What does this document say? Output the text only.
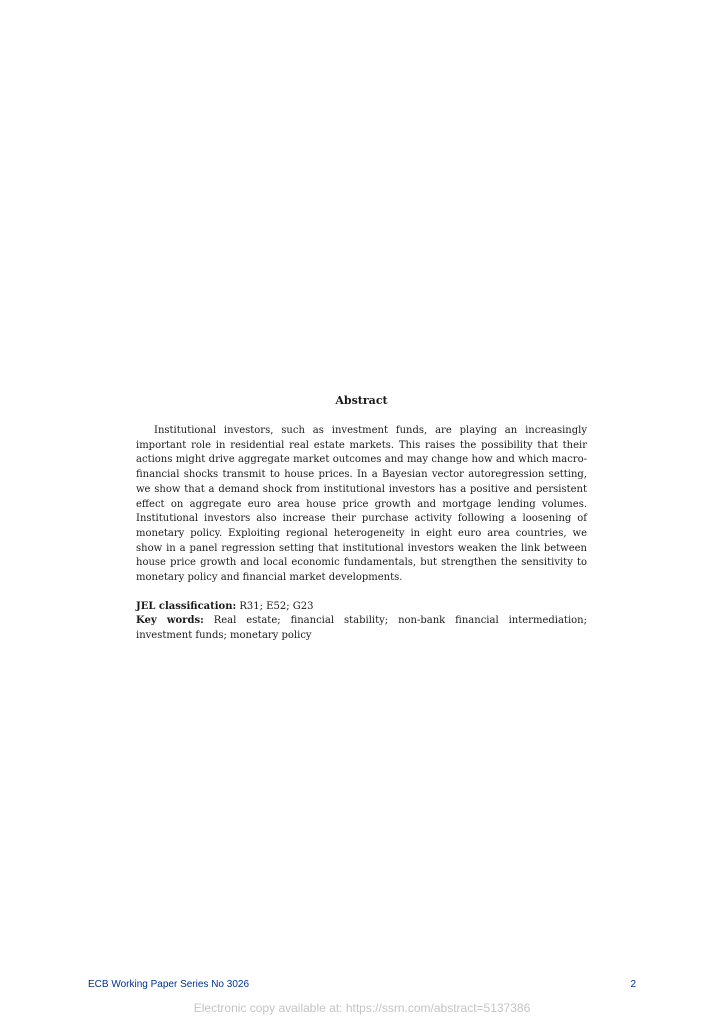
Abstract

Institutional investors, such as investment funds, are playing an increasingly important role in residential real estate markets. This raises the possibility that their actions might drive aggregate market outcomes and may change how and which macro-financial shocks transmit to house prices. In a Bayesian vector autoregression setting, we show that a demand shock from institutional investors has a positive and persistent effect on aggregate euro area house price growth and mortgage lending volumes. Institutional investors also increase their purchase activity following a loosening of monetary policy. Exploiting regional heterogeneity in eight euro area countries, we show in a panel regression setting that institutional investors weaken the link between house price growth and local economic fundamentals, but strengthen the sensitivity to monetary policy and financial market developments.

JEL classification: R31; E52; G23

Key words: Real estate; financial stability; non-bank financial intermediation; investment funds; monetary policy

ECB Working Paper Series No 3026	2
Electronic copy available at: https://ssrn.com/abstract=5137386
